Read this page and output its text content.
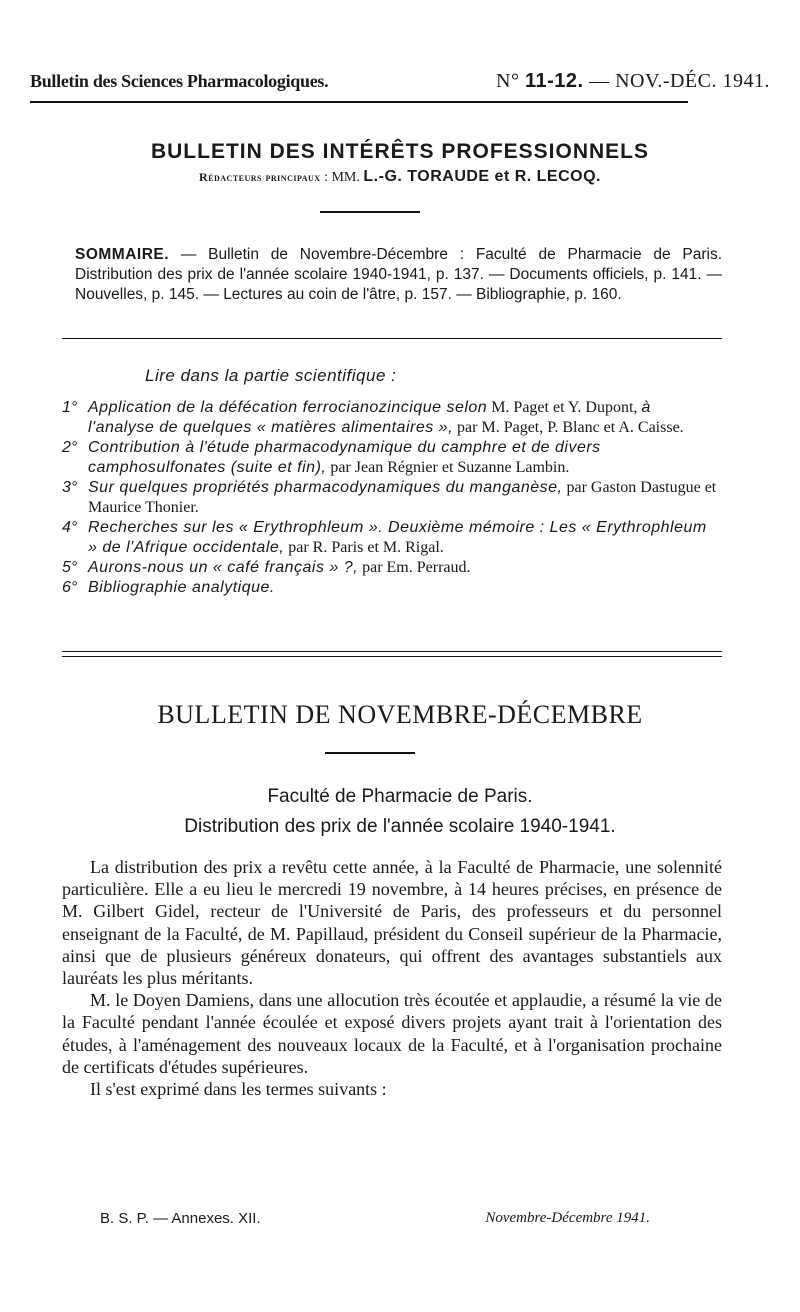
Bulletin des Sciences Pharmacologiques.	N° 11-12. — NOV.-DÉC. 1941.
BULLETIN DES INTÉRÊTS PROFESSIONNELS
Rédacteurs principaux : MM. L.-G. TORAUDE et R. LECOQ.
SOMMAIRE. — Bulletin de Novembre-Décembre : Faculté de Pharmacie de Paris. Distribution des prix de l'année scolaire 1940-1941, p. 137. — Documents officiels, p. 141. — Nouvelles, p. 145. — Lectures au coin de l'âtre, p. 157. — Bibliographie, p. 160.
Lire dans la partie scientifique :
1° Application de la défécation ferrocianozincique selon M. Paget et Y. Dupont, à l'analyse de quelques « matières alimentaires », par M. Paget, P. Blanc et A. Caisse.
2° Contribution à l'étude pharmacodynamique du camphre et de divers camphosulfonates (suite et fin), par Jean Régnier et Suzanne Lambin.
3° Sur quelques propriétés pharmacodynamiques du manganèse, par Gaston Dastugue et Maurice Thonier.
4° Recherches sur les « Erythrophleum ». Deuxième mémoire : Les « Erythrophleum » de l'Afrique occidentale, par R. Paris et M. Rigal.
5° Aurons-nous un « café français » ?, par Em. Perraud.
6° Bibliographie analytique.
BULLETIN DE NOVEMBRE-DÉCEMBRE
Faculté de Pharmacie de Paris.
Distribution des prix de l'année scolaire 1940-1941.

La distribution des prix a revêtu cette année, à la Faculté de Pharmacie, une solennité particulière. Elle a eu lieu le mercredi 19 novembre, à 14 heures précises, en présence de M. Gilbert Gidel, recteur de l'Université de Paris, des professeurs et du personnel enseignant de la Faculté, de M. Papillaud, président du Conseil supérieur de la Pharmacie, ainsi que de plusieurs généreux donateurs, qui offrent des avantages substantiels aux lauréats les plus méritants.

M. le Doyen Damiens, dans une allocution très écoutée et applaudie, a résumé la vie de la Faculté pendant l'année écoulée et exposé divers projets ayant trait à l'orientation des études, à l'aménagement des nouveaux locaux de la Faculté, et à l'organisation prochaine de certificats d'études supérieures.

Il s'est exprimé dans les termes suivants :

B. S. P. — Annexes. XII.	Novembre-Décembre 1941.
